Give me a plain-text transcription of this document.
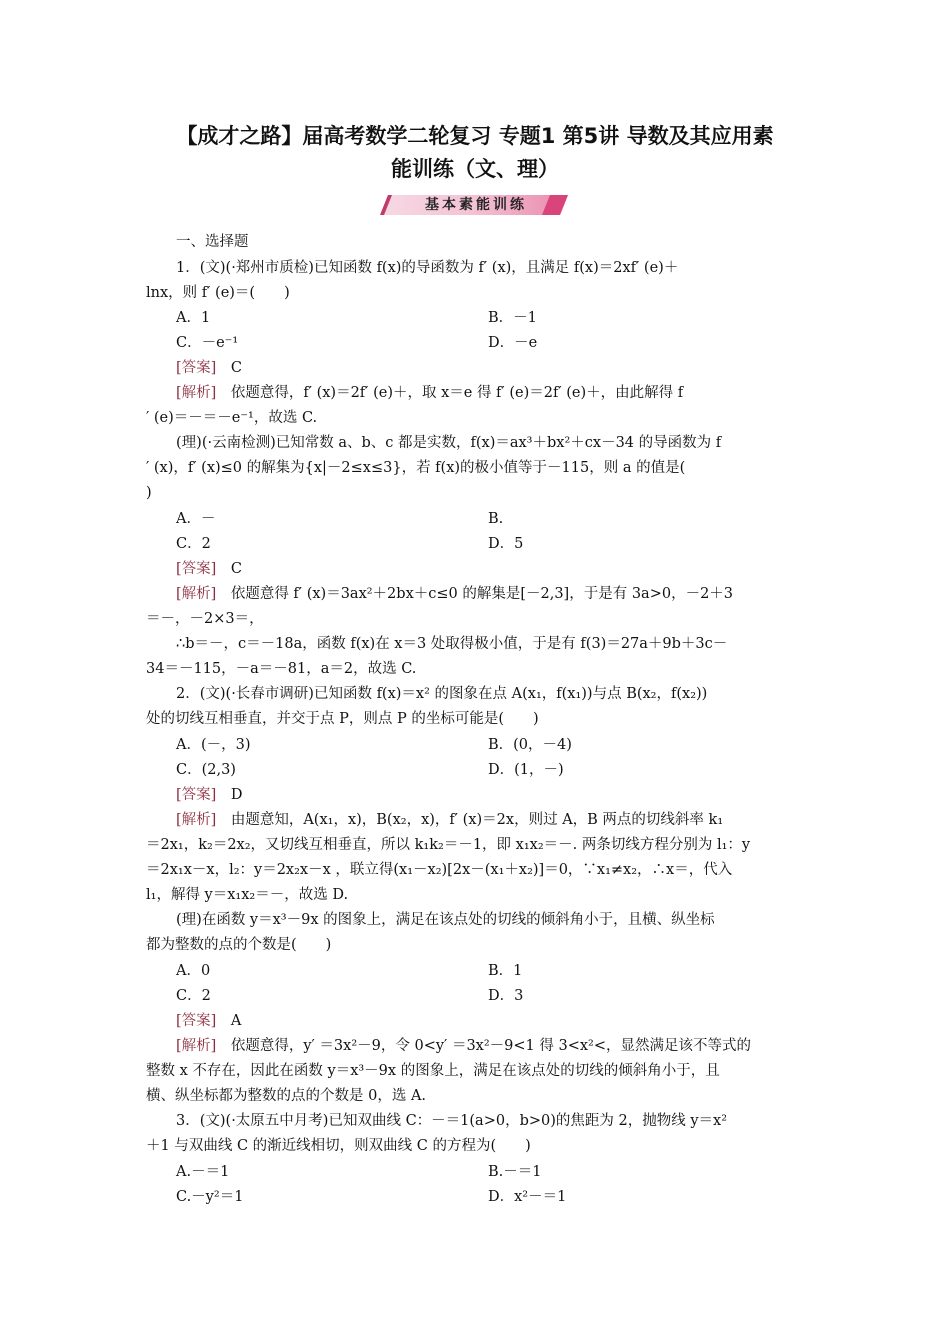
【成才之路】届高考数学二轮复习 专题1 第5讲 导数及其应用素
能训练（文、理）
基本素能训练
一、选择题
1．(文)(·郑州市质检)已知函数 f(x)的导函数为 f′ (x)，且满足 f(x)＝2xf′ (e)＋
lnx，则 f′ (e)＝(　　)
A．1	B．－1
C．－e⁻¹	D．－e
[答案]　 C
[解析]　 依题意得，f′ (x)＝2f′ (e)＋，取 x＝e 得 f′ (e)＝2f′ (e)＋，由此解得 f
′ (e)＝－＝－e⁻¹，故选 C.
(理)(·云南检测)已知常数 a、b、c 都是实数，f(x)＝ax³＋bx²＋cx－34 的导函数为 f
′ (x)，f′ (x)≤0 的解集为{x|－2≤x≤3}，若 f(x)的极小值等于－115，则 a 的值是(
)
A．－	B.
C．2	D．5
[答案]　 C
[解析]　 依题意得 f′ (x)＝3ax²＋2bx＋c≤0 的解集是[－2,3]，于是有 3a>0，－2＋3
＝－，－2×3＝，
∴b＝－，c＝－18a，函数 f(x)在 x＝3 处取得极小值，于是有 f(3)＝27a＋9b＋3c－
34＝－115，－a＝－81，a＝2，故选 C.
2．(文)(·长春市调研)已知函数 f(x)＝x² 的图象在点 A(x₁，f(x₁))与点 B(x₂，f(x₂))
处的切线互相垂直，并交于点 P，则点 P 的坐标可能是(　　)
A．(－，3)	B．(0，－4)
C．(2,3)	D．(1，－)
[答案]　 D
[解析]　 由题意知，A(x₁，x)，B(x₂，x)，f′ (x)＝2x，则过 A，B 两点的切线斜率 k₁
＝2x₁，k₂＝2x₂，又切线互相垂直，所以 k₁k₂＝－1，即 x₁x₂＝－. 两条切线方程分别为 l₁：y
＝2x₁x－x，l₂：y＝2x₂x－x ，联立得(x₁－x₂)[2x－(x₁＋x₂)]＝0，∵x₁≠x₂，∴x＝，代入
l₁，解得 y＝x₁x₂＝－，故选 D.
(理)在函数 y＝x³－9x 的图象上，满足在该点处的切线的倾斜角小于，且横、纵坐标
都为整数的点的个数是(　　)
A．0	B．1
C．2	D．3
[答案]　 A
[解析]　 依题意得，y′ ＝3x²－9，令 0<y′ ＝3x²－9<1 得 3<x²<，显然满足该不等式的
整数 x 不存在，因此在函数 y＝x³－9x 的图象上，满足在该点处的切线的倾斜角小于，且
横、纵坐标都为整数的点的个数是 0，选 A.
3．(文)(·太原五中月考)已知双曲线 C：－＝1(a>0，b>0)的焦距为 2，抛物线 y＝x²
＋1 与双曲线 C 的渐近线相切，则双曲线 C 的方程为(　　)
A.－＝1	B.－＝1
C.－y²＝1	D．x²－＝1
